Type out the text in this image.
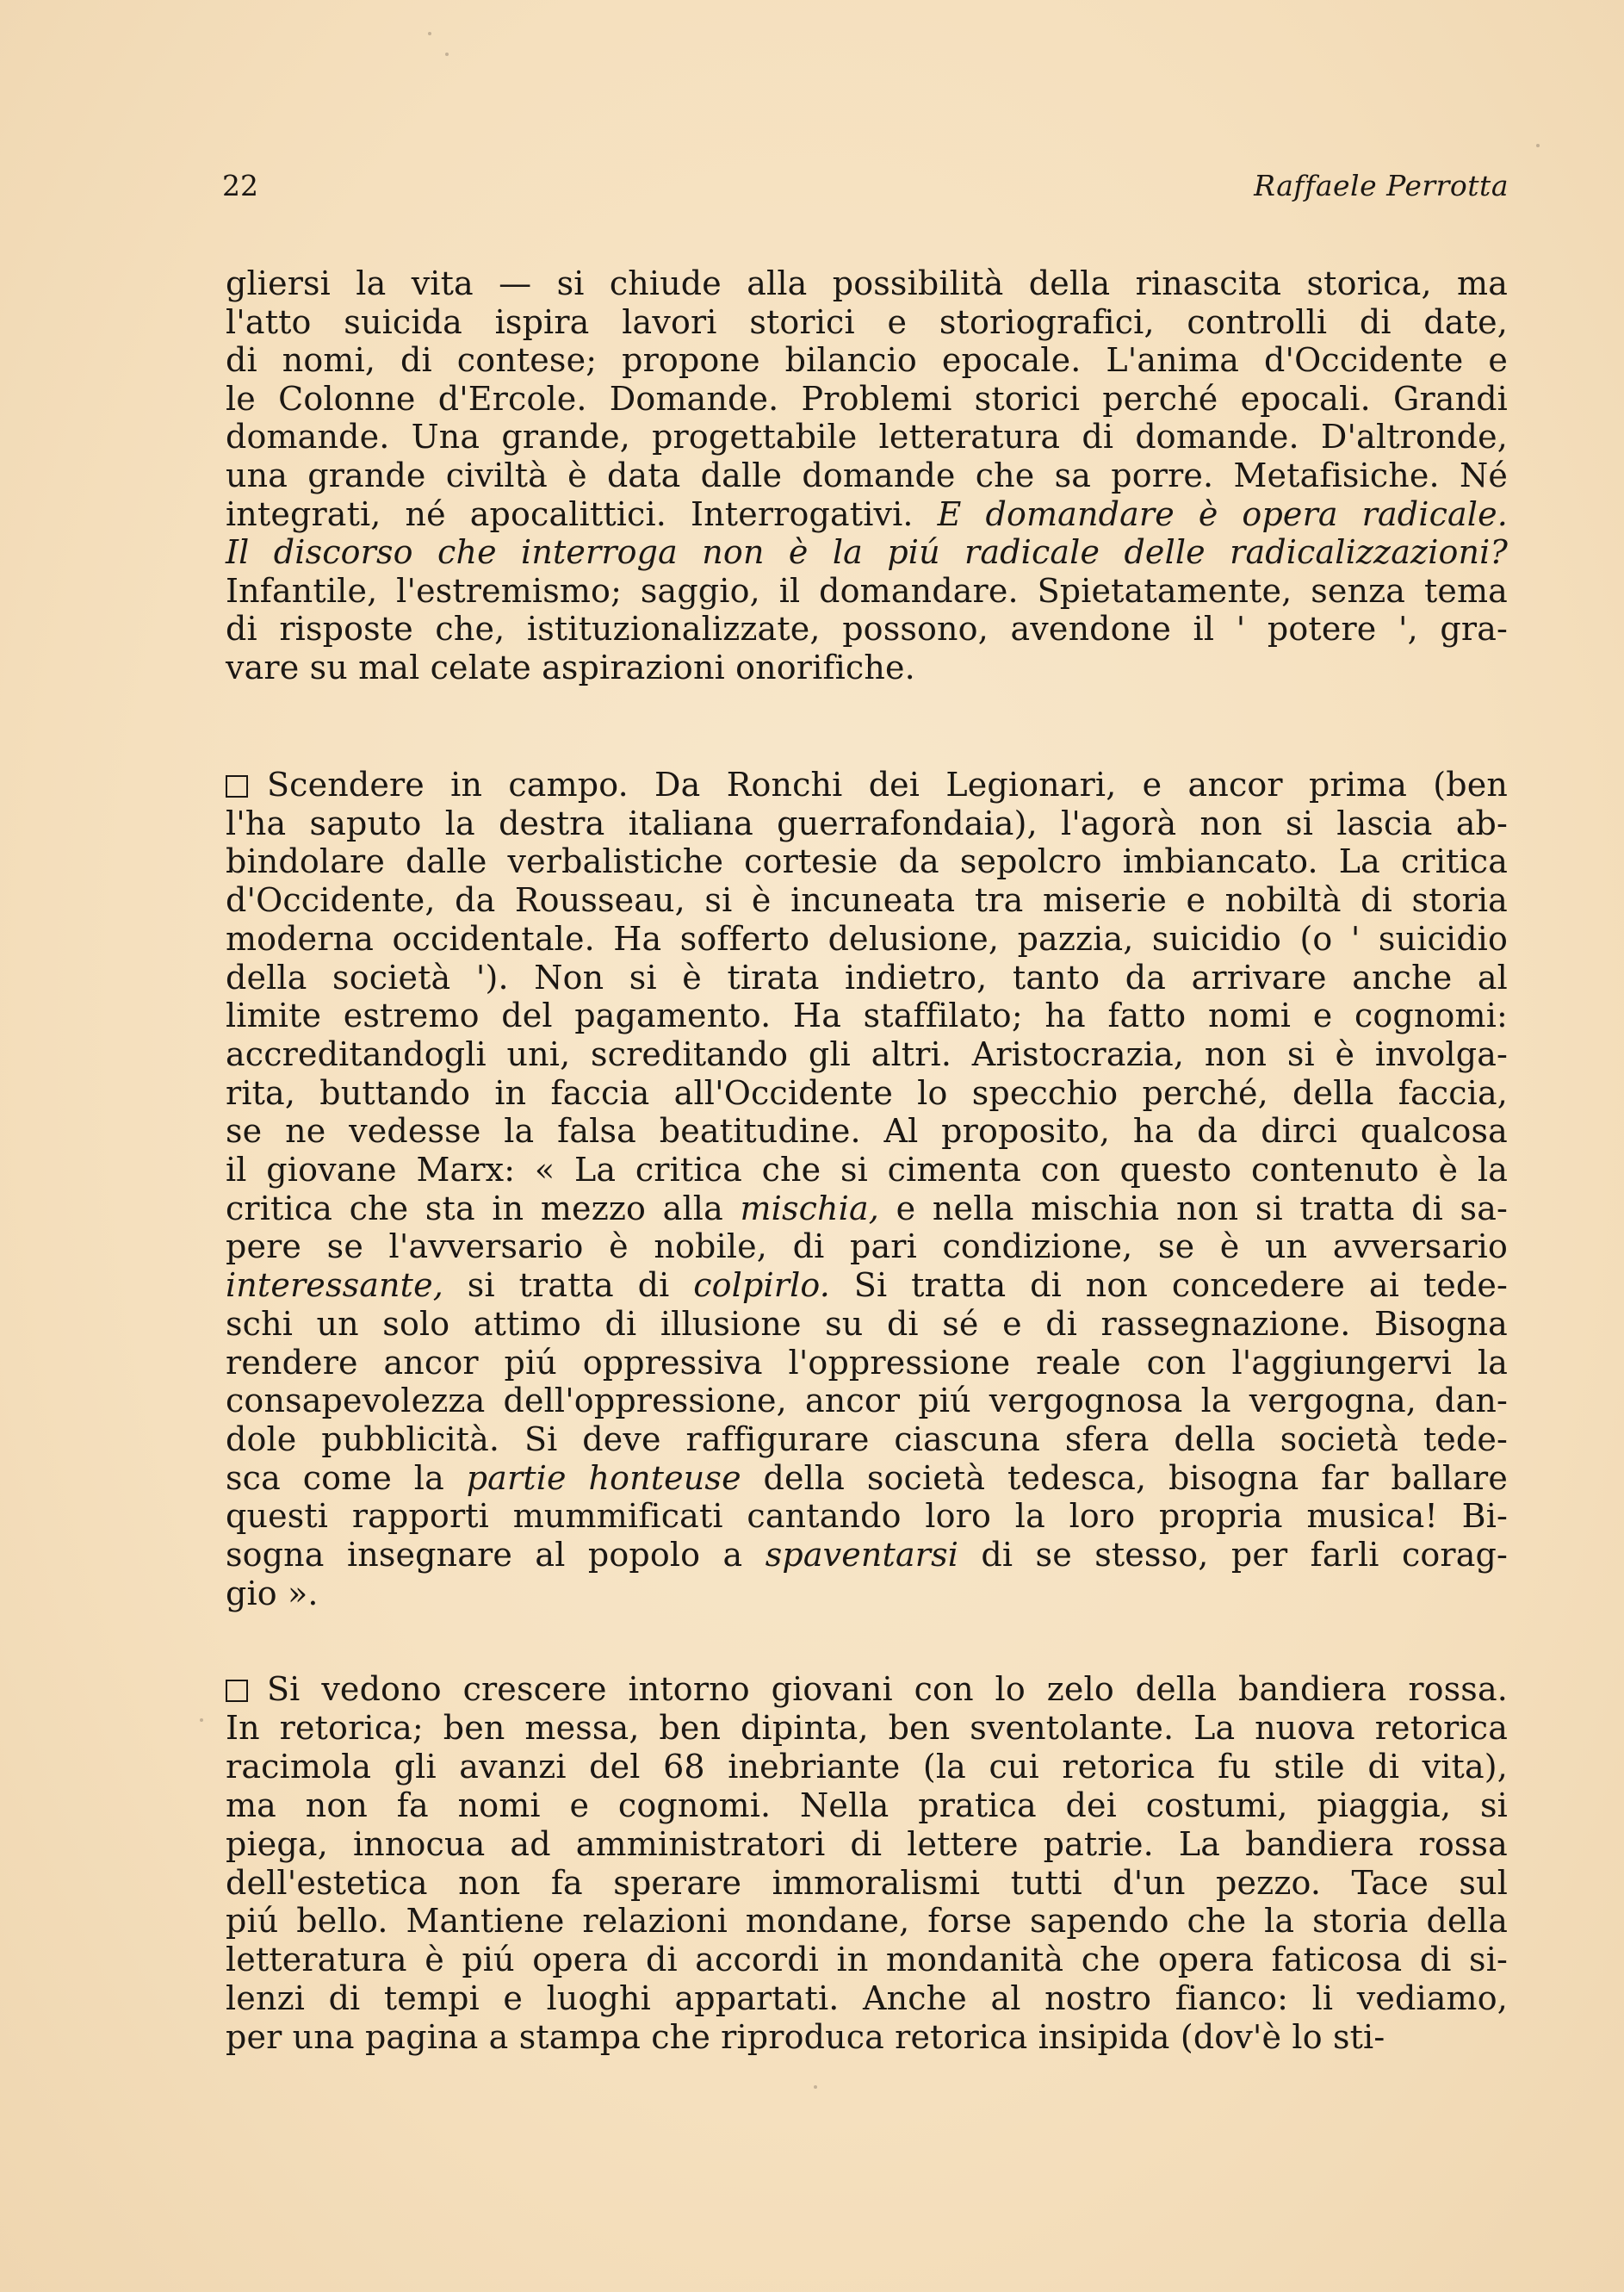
22	Raffaele Perrotta
gliersi la vita — si chiude alla possibilità della rinascita storica, ma
l'atto suicida ispira lavori storici e storiografici, controlli di date,
di nomi, di contese; propone bilancio epocale. L'anima d'Occidente e
le Colonne d'Ercole. Domande. Problemi storici perché epocali. Grandi
domande. Una grande, progettabile letteratura di domande. D'altronde,
una grande civiltà è data dalle domande che sa porre. Metafisiche. Né
integrati, né apocalittici. Interrogativi. E domandare è opera radicale.
Il discorso che interroga non è la piú radicale delle radicalizzazioni?
Infantile, l'estremismo; saggio, il domandare. Spietatamente, senza tema
di risposte che, istituzionalizzate, possono, avendone il ' potere ', gra-
vare su mal celate aspirazioni onorifiche.
Scendere in campo. Da Ronchi dei Legionari, e ancor prima (ben
l'ha saputo la destra italiana guerrafondaia), l'agorà non si lascia ab-
bindolare dalle verbalistiche cortesie da sepolcro imbiancato. La critica
d'Occidente, da Rousseau, si è incuneata tra miserie e nobiltà di storia
moderna occidentale. Ha sofferto delusione, pazzia, suicidio (o ' suicidio
della società '). Non si è tirata indietro, tanto da arrivare anche al
limite estremo del pagamento. Ha staffilato; ha fatto nomi e cognomi:
accreditandogli uni, screditando gli altri. Aristocrazia, non si è involga-
rita, buttando in faccia all'Occidente lo specchio perché, della faccia,
se ne vedesse la falsa beatitudine. Al proposito, ha da dirci qualcosa
il giovane Marx: « La critica che si cimenta con questo contenuto è la
critica che sta in mezzo alla mischia, e nella mischia non si tratta di sa-
pere se l'avversario è nobile, di pari condizione, se è un avversario
interessante, si tratta di colpirlo. Si tratta di non concedere ai tede-
schi un solo attimo di illusione su di sé e di rassegnazione. Bisogna
rendere ancor piú oppressiva l'oppressione reale con l'aggiungervi la
consapevolezza dell'oppressione, ancor piú vergognosa la vergogna, dan-
dole pubblicità. Si deve raffigurare ciascuna sfera della società tede-
sca come la partie honteuse della società tedesca, bisogna far ballare
questi rapporti mummificati cantando loro la loro propria musica! Bi-
sogna insegnare al popolo a spaventarsi di se stesso, per farli corag-
gio ».
Si vedono crescere intorno giovani con lo zelo della bandiera rossa.
In retorica; ben messa, ben dipinta, ben sventolante. La nuova retorica
racimola gli avanzi del 68 inebriante (la cui retorica fu stile di vita),
ma non fa nomi e cognomi. Nella pratica dei costumi, piaggia, si
piega, innocua ad amministratori di lettere patrie. La bandiera rossa
dell'estetica non fa sperare immoralismi tutti d'un pezzo. Tace sul
piú bello. Mantiene relazioni mondane, forse sapendo che la storia della
letteratura è piú opera di accordi in mondanità che opera faticosa di si-
lenzi di tempi e luoghi appartati. Anche al nostro fianco: li vediamo,
per una pagina a stampa che riproduca retorica insipida (dov'è lo sti-
